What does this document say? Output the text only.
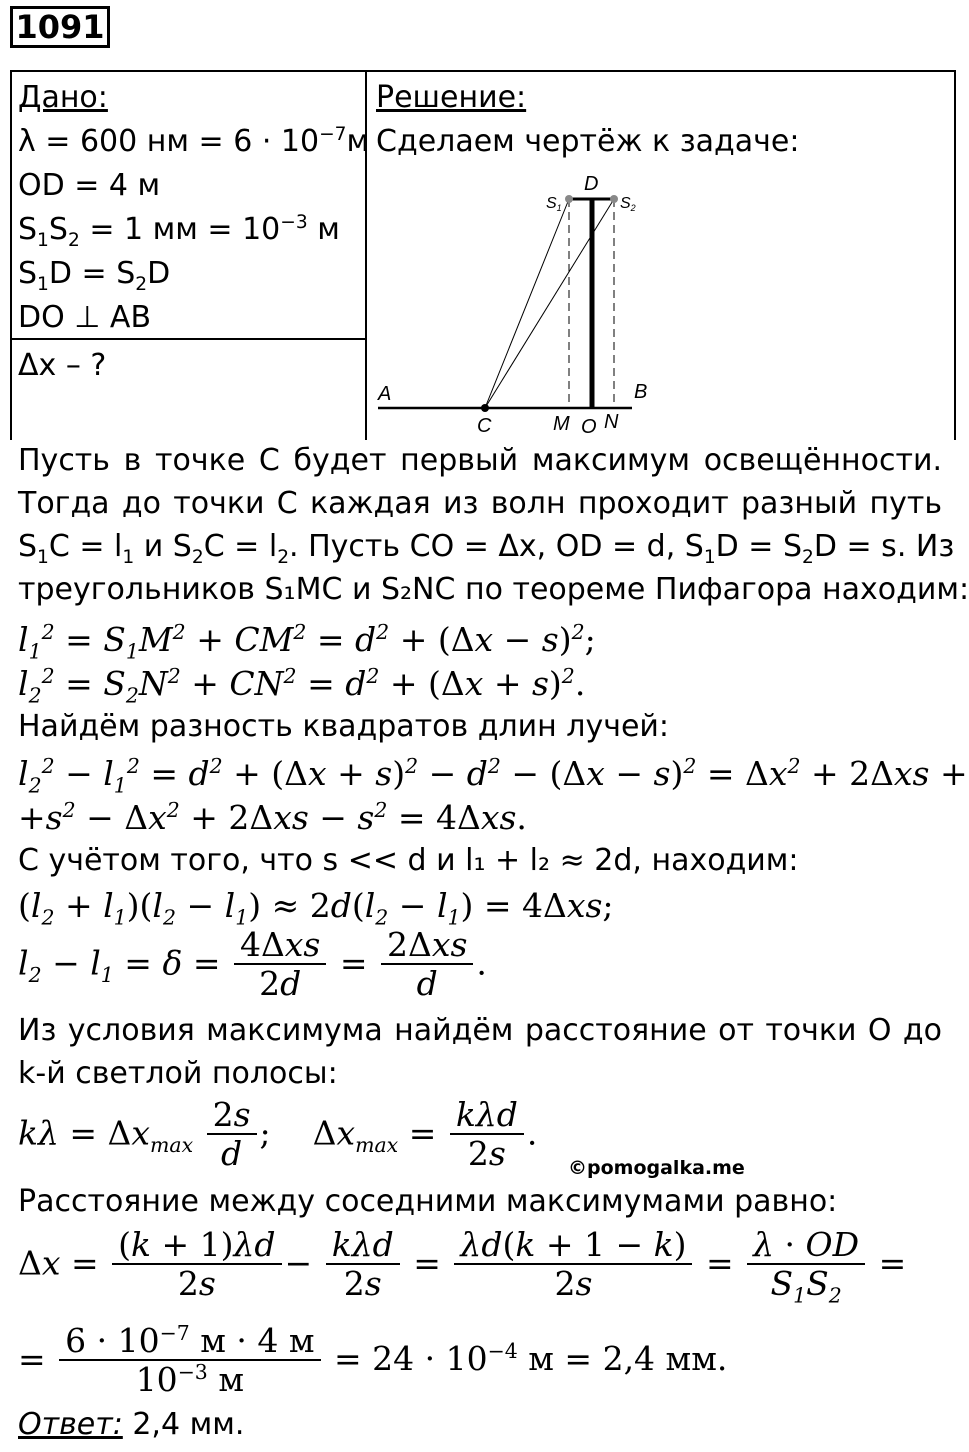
1091
Дано:
λ = 600 нм = $6 \cdot 10^{-7}м$
OD = 4 м
$S_1S_2 = 1$ мм = $10^{-3}$ м
$S_1D = S_2D$
DO ⊥ AB
Δx – ?
Решение:
Сделаем чертёж к задаче:
A	B
C	M O N
D
S1	S2
Пусть в точке С будет первый максимум освещённости.
Тогда до точки С каждая из волн проходит разный путь
$S_1C = l_1$ и $S_2C = l_2$. Пусть CO = Δx, OD = d, $S_1D = S_2D = s$. Из
треугольников S₁MC и S₂NC по теореме Пифагора находим:
$l_1^2 = S_1M^2 + CM^2 = d^2 + (\Delta x - s)^2$;
$l_2^2 = S_2N^2 + CN^2 = d^2 + (\Delta x + s)^2$.
Найдём разность квадратов длин лучей:
$l_2^2 - l_1^2 = d^2 + (\Delta x + s)^2 - d^2 - (\Delta x - s)^2 = \Delta x^2 + 2\Delta xs$ +
$+s^2 - \Delta x^2 + 2\Delta xs - s^2 = 4\Delta xs$.
С учётом того, что s << d и l₁ + l₂ ≈ 2d, находим:
$(l_2 + l_1)(l_2 - l_1) \approx 2d(l_2 - l_1) = 4\Delta xs$;
$l_2 - l_1 = \delta = \frac{\text{4Δxs}}{2d} = \frac{\text{2Δxs}}{d}$ .
Из условия максимума найдём расстояние от точки О до
k-й светлой полосы:
$k\lambda = \Delta x_{max} \frac{2s}{d}$ ; $\Delta x_{max} = \frac{\text{kλd}}{2s}$ .
©pomogalka.me
Расстояние между соседними максимумами равно:
$\Delta x = \frac{(k + 1)\lambda d}{2s} - \frac{\text{kλd}}{2s} = \frac{\lambda d(k + 1 - k)}{2s} = \frac{\lambda \cdot OD}{S_1S_2}$ =
= $\frac{6 \cdot 10^{-7} м \cdot 4 м}{10^{-3} м} = 24 \cdot 10^{-4}$ м = 2,4 мм.
Ответ: 2,4 мм.
